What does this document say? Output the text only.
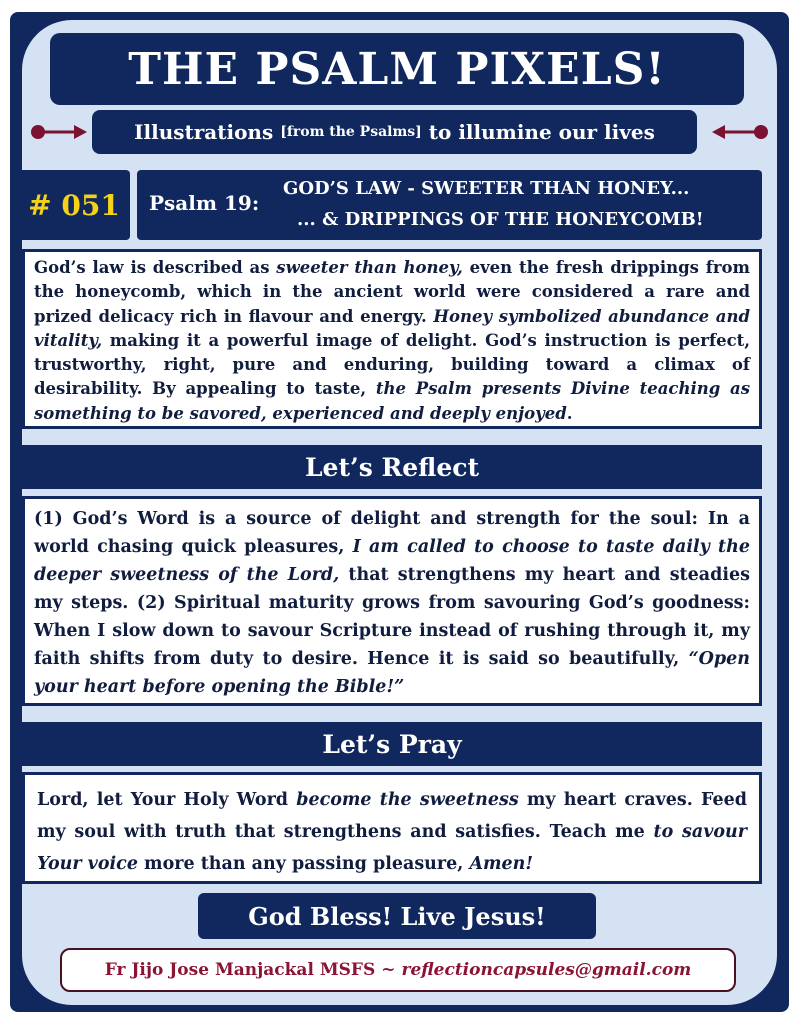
THE PSALM PIXELS!
Illustrations [from the Psalms] to illumine our lives
# 051	Psalm 19:
GOD’S LAW - SWEETER THAN HONEY...
... & DRIPPINGS OF THE HONEYCOMB!
God’s law is described as sweeter than honey, even the fresh drippings from the honeycomb, which in the ancient world were considered a rare and prized delicacy rich in flavour and energy. Honey symbolized abundance and vitality, making it a powerful image of delight. God’s instruction is perfect, trustworthy, right, pure and enduring, building toward a climax of desirability. By appealing to taste, the Psalm presents Divine teaching as something to be savored, experienced and deeply enjoyed.
Let’s Reflect
(1) God’s Word is a source of delight and strength for the soul: In a world chasing quick pleasures, I am called to choose to taste daily the deeper sweetness of the Lord, that strengthens my heart and steadies my steps. (2) Spiritual maturity grows from savouring God’s goodness: When I slow down to savour Scripture instead of rushing through it, my faith shifts from duty to desire. Hence it is said so beautifully, “Open your heart before opening the Bible!”
Let’s Pray
Lord, let Your Holy Word become the sweetness my heart craves. Feed my soul with truth that strengthens and satisfies. Teach me to savour Your voice more than any passing pleasure, Amen!
God Bless! Live Jesus!
Fr Jijo Jose Manjackal MSFS ~ reflectioncapsules@gmail.com
